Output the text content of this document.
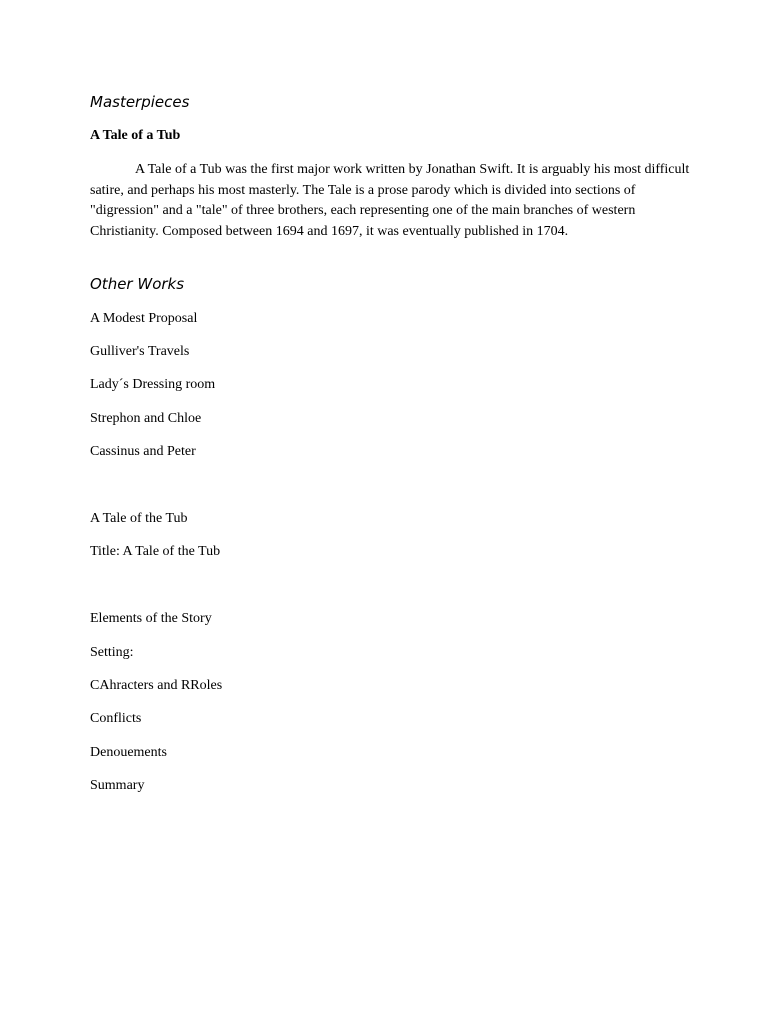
Masterpieces
A Tale of a Tub

A Tale of a Tub was the first major work written by Jonathan Swift. It is arguably his most difficult satire, and perhaps his most masterly. The Tale is a prose parody which is divided into sections of "digression" and a "tale" of three brothers, each representing one of the main branches of western Christianity. Composed between 1694 and 1697, it was eventually published in 1704.

Other Works

A Modest Proposal

Gulliver's Travels

Lady´s Dressing room

Strephon and Chloe

Cassinus and Peter

A Tale of the Tub

Title: A Tale of the Tub

Elements of the Story

Setting:

CAhracters and RRoles

Conflicts

Denouements

Summary
